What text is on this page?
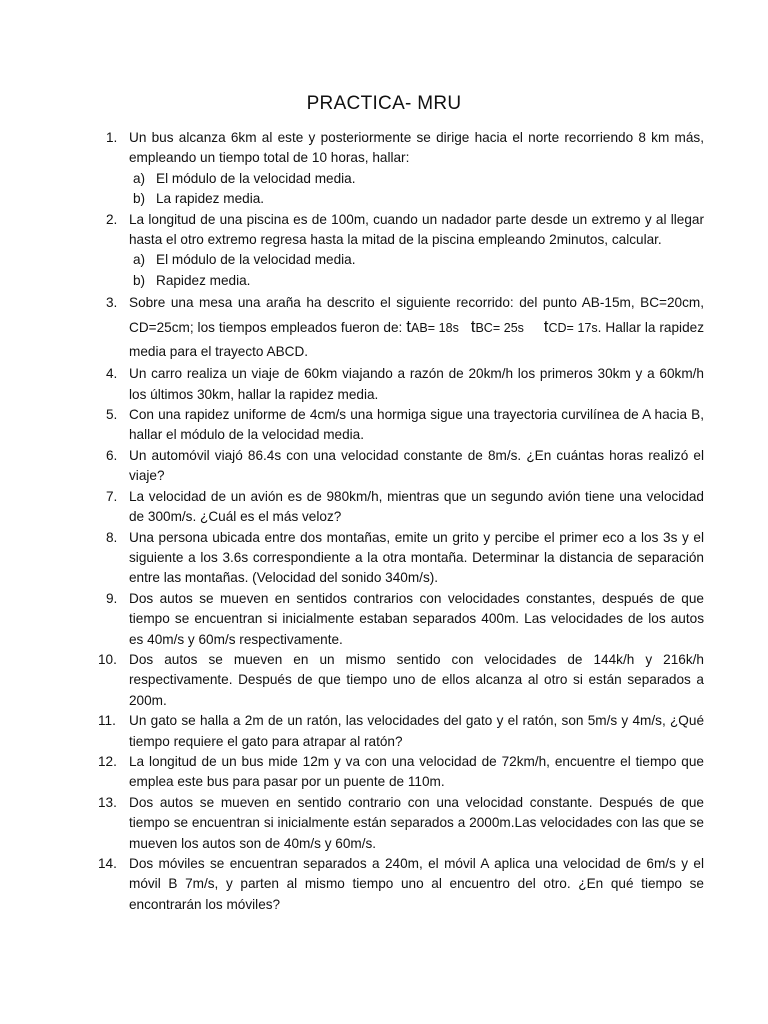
PRACTICA- MRU
1. Un bus alcanza 6km al este y posteriormente se dirige hacia el norte recorriendo 8 km más, empleando un tiempo total de 10 horas, hallar:
a) El módulo de la velocidad media.
b) La rapidez media.
2. La longitud de una piscina es de 100m, cuando un nadador parte desde un extremo y al llegar hasta el otro extremo regresa hasta la mitad de la piscina empleando 2minutos, calcular.
a) El módulo de la velocidad media.
b) Rapidez media.
3. Sobre una mesa una araña ha descrito el siguiente recorrido: del punto AB-15m, BC=20cm, CD=25cm; los tiempos empleados fueron de: tAB= 18s tBC= 25s tCD= 17s. Hallar la rapidez media para el trayecto ABCD.
4. Un carro realiza un viaje de 60km viajando a razón de 20km/h los primeros 30km y a 60km/h los últimos 30km, hallar la rapidez media.
5. Con una rapidez uniforme de 4cm/s una hormiga sigue una trayectoria curvilínea de A hacia B, hallar el módulo de la velocidad media.
6. Un automóvil viajó 86.4s con una velocidad constante de 8m/s. ¿En cuántas horas realizó el viaje?
7. La velocidad de un avión es de 980km/h, mientras que un segundo avión tiene una velocidad de 300m/s. ¿Cuál es el más veloz?
8. Una persona ubicada entre dos montañas, emite un grito y percibe el primer eco a los 3s y el siguiente a los 3.6s correspondiente a la otra montaña. Determinar la distancia de separación entre las montañas. (Velocidad del sonido 340m/s).
9. Dos autos se mueven en sentidos contrarios con velocidades constantes, después de que tiempo se encuentran si inicialmente estaban separados 400m. Las velocidades de los autos es 40m/s y 60m/s respectivamente.
10. Dos autos se mueven en un mismo sentido con velocidades de 144k/h y 216k/h respectivamente. Después de que tiempo uno de ellos alcanza al otro si están separados a 200m.
11. Un gato se halla a 2m de un ratón, las velocidades del gato y el ratón, son 5m/s y 4m/s, ¿Qué tiempo requiere el gato para atrapar al ratón?
12. La longitud de un bus mide 12m y va con una velocidad de 72km/h, encuentre el tiempo que emplea este bus para pasar por un puente de 110m.
13. Dos autos se mueven en sentido contrario con una velocidad constante. Después de que tiempo se encuentran si inicialmente están separados a 2000m.Las velocidades con las que se mueven los autos son de 40m/s y 60m/s.
14. Dos móviles se encuentran separados a 240m, el móvil A aplica una velocidad de 6m/s y el móvil B 7m/s, y parten al mismo tiempo uno al encuentro del otro. ¿En qué tiempo se encontrarán los móviles?
